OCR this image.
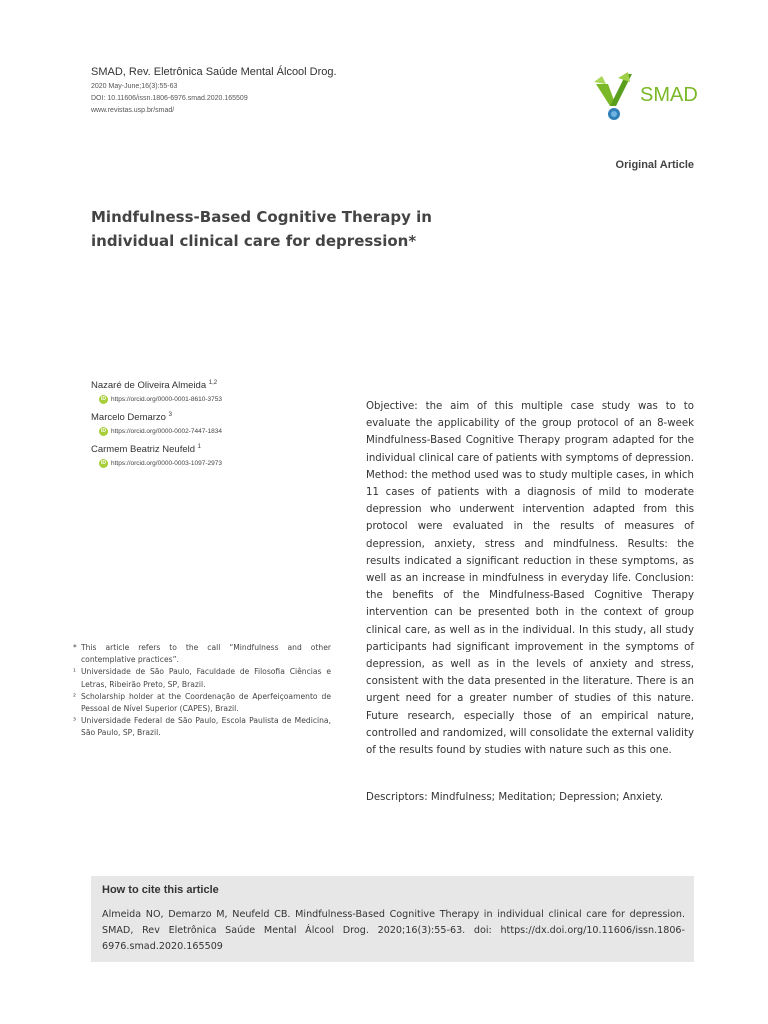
SMAD, Rev. Eletrônica Saúde Mental Álcool Drog.

2020 May-June;16(3):55-63
DOI: 10.11606/issn.1806-6976.smad.2020.165509
www.revistas.usp.br/smad/
SMAD
Original Article
Mindfulness-Based Cognitive Therapy in individual clinical care for depression*
Nazaré de Oliveira Almeida $^{1,2}$
iD https://orcid.org/0000-0001-8610-3753
Marcelo Demarzo $^3$
iD https://orcid.org/0000-0002-7447-1834
Carmem Beatriz Neufeld $^1$
iD https://orcid.org/0000-0003-1097-2973

Objective: the aim of this multiple case study was to to evaluate the applicability of the group protocol of an 8-week Mindfulness-Based Cognitive Therapy program adapted for the individual clinical care of patients with symptoms of depression. Method: the method used was to study multiple cases, in which 11 cases of patients with a diagnosis of mild to moderate depression who underwent intervention adapted from this protocol were evaluated in the results of measures of depression, anxiety, stress and mindfulness. Results: the results indicated a significant reduction in these symptoms, as well as an increase in mindfulness in everyday life. Conclusion: the benefits of the Mindfulness-Based Cognitive Therapy intervention can be presented both in the context of group clinical care, as well as in the individual. In this study, all study participants had significant improvement in the symptoms of depression, as well as in the levels of anxiety and stress, consistent with the data presented in the literature. There is an urgent need for a greater number of studies of this nature. Future research, especially those of an empirical nature, controlled and randomized, will consolidate the external validity of the results found by studies with nature such as this one.

Descriptors: Mindfulness; Meditation; Depression; Anxiety.

* This article refers to the call “Mindfulness and other contemplative practices”.
¹ Universidade de São Paulo, Faculdade de Filosofia Ciências e Letras, Ribeirão Preto, SP, Brazil.
² Scholarship holder at the Coordenação de Aperfeiçoamento de Pessoal de Nível Superior (CAPES), Brazil.
³ Universidade Federal de São Paulo, Escola Paulista de Medicina, São Paulo, SP, Brazil.
How to cite this article

Almeida NO, Demarzo M, Neufeld CB. Mindfulness-Based Cognitive Therapy in individual clinical care for depression. SMAD, Rev Eletrônica Saúde Mental Álcool Drog. 2020;16(3):55-63. doi: https://dx.doi.org/10.11606/issn.1806-6976.smad.2020.165509
